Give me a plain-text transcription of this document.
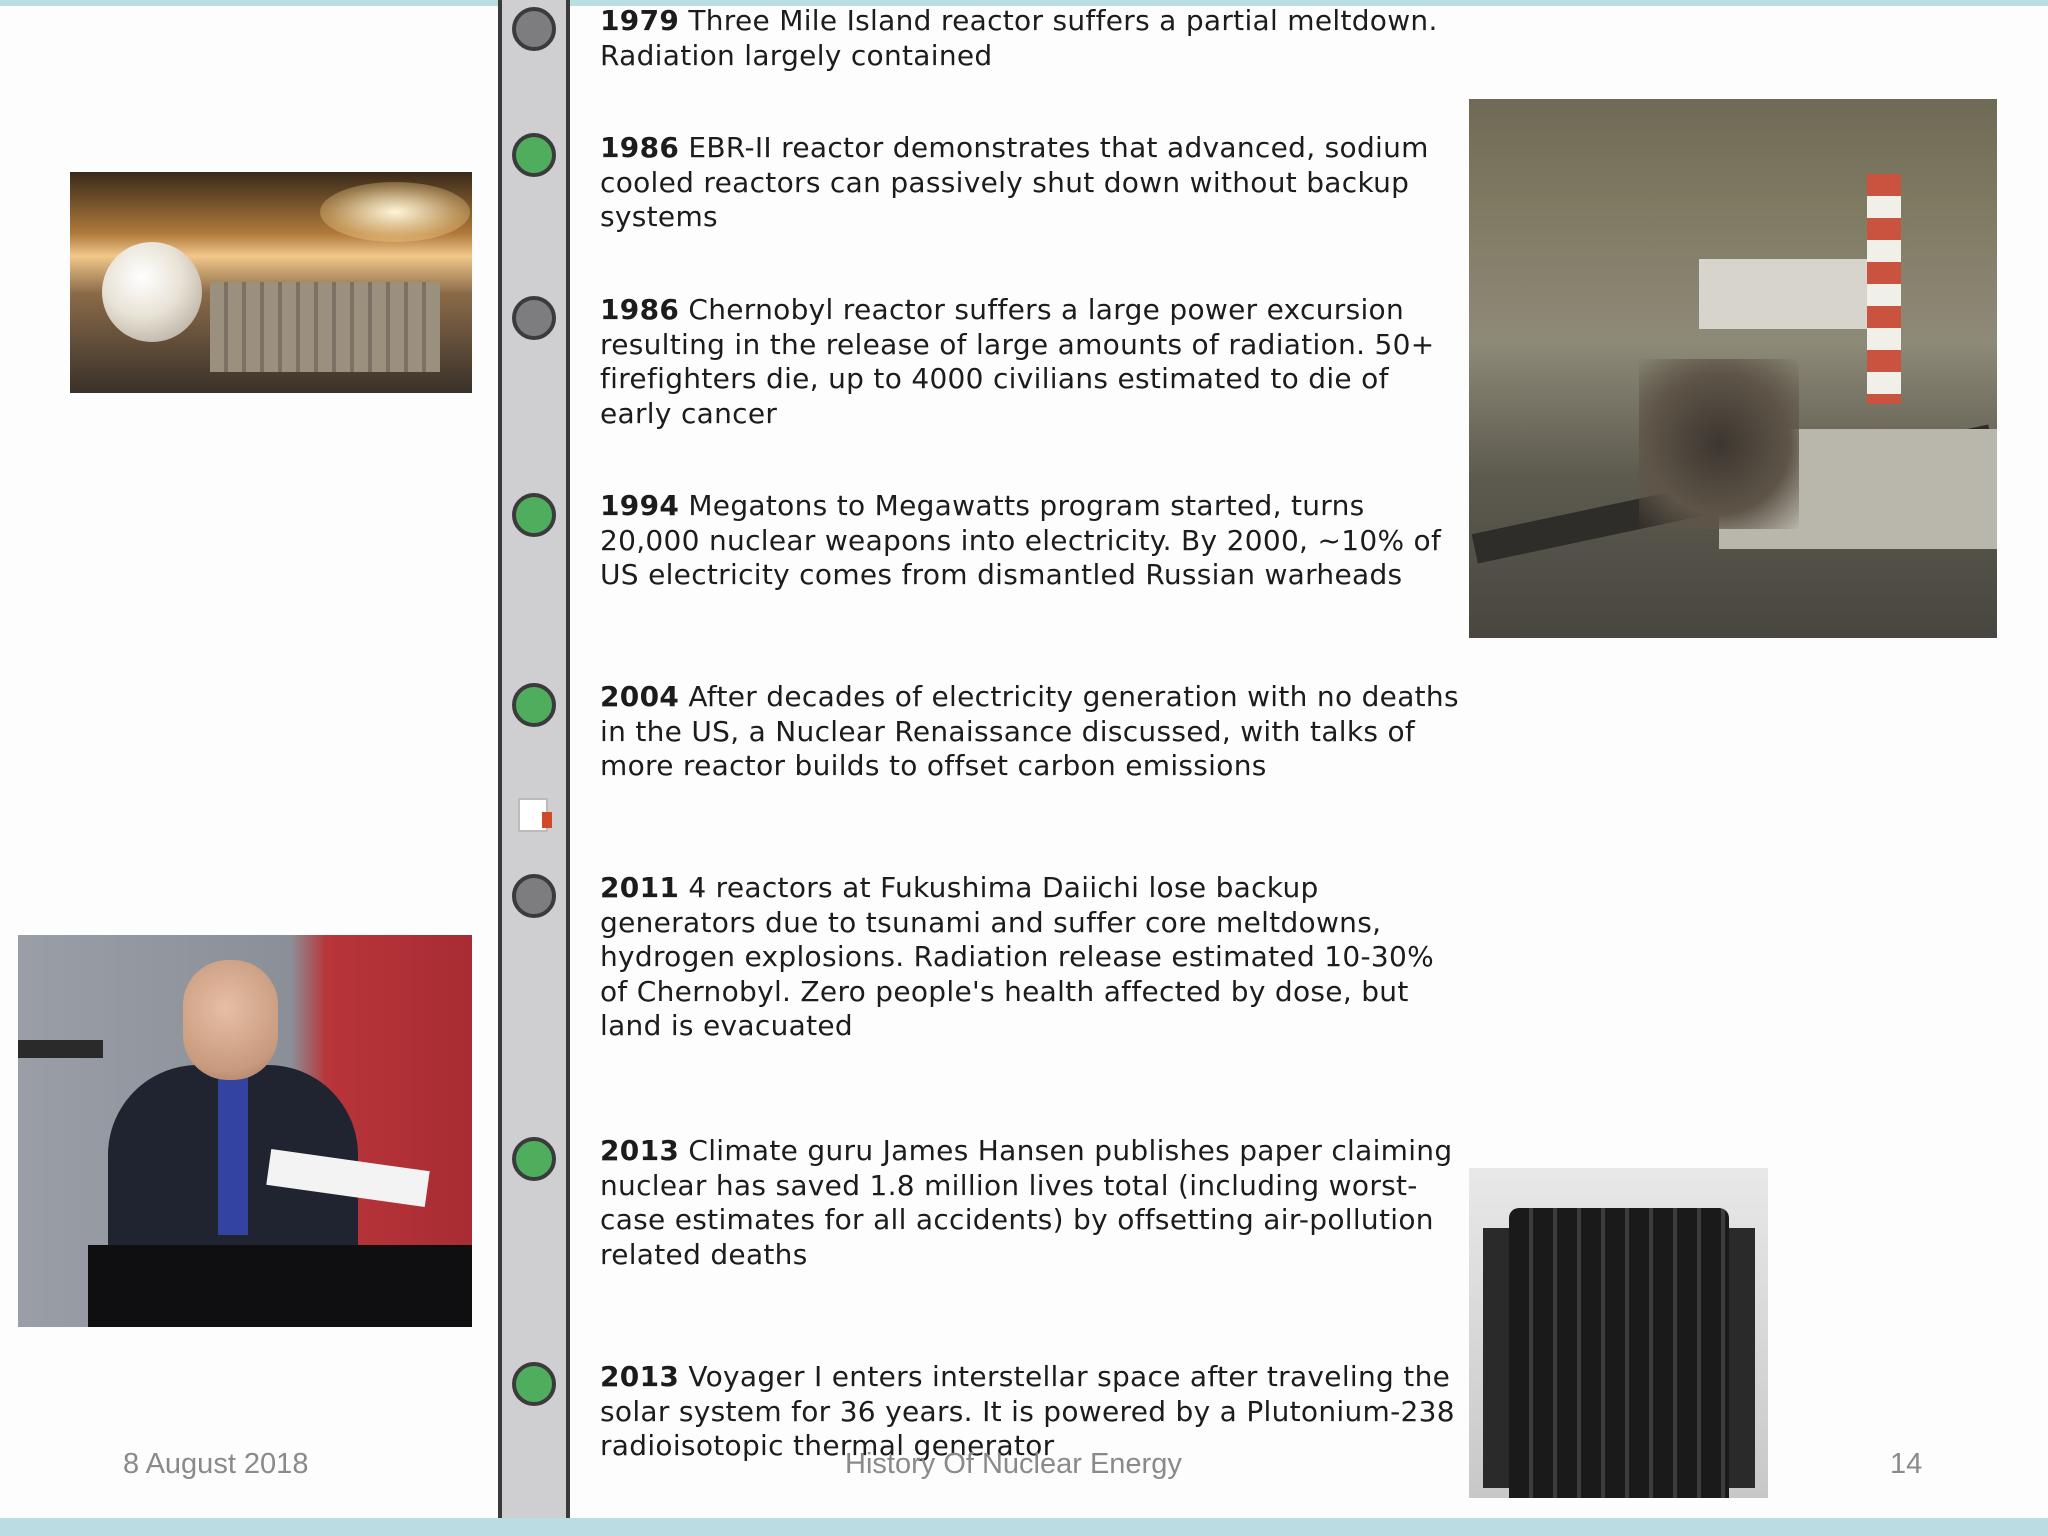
1979 Three Mile Island reactor suffers a partial meltdown. Radiation largely contained
1986 EBR-II reactor demonstrates that advanced, sodium cooled reactors can passively shut down without backup systems
1986 Chernobyl reactor suffers a large power excursion resulting in the release of large amounts of radiation. 50+ firefighters die, up to 4000 civilians estimated to die of early cancer
1994 Megatons to Megawatts program started, turns 20,000 nuclear weapons into electricity. By 2000, ~10% of US electricity comes from dismantled Russian warheads
2004 After decades of electricity generation with no deaths in the US, a Nuclear Renaissance discussed, with talks of more reactor builds to offset carbon emissions
2011 4 reactors at Fukushima Daiichi lose backup generators due to tsunami and suffer core meltdowns, hydrogen explosions. Radiation release estimated 10-30% of Chernobyl. Zero people's health affected by dose, but land is evacuated
2013 Climate guru James Hansen publishes paper claiming nuclear has saved 1.8 million lives total (including worst-case estimates for all accidents) by offsetting air-pollution related deaths
2013 Voyager I enters interstellar space after traveling the solar system for 36 years. It is powered by a Plutonium-238 radioisotopic thermal generator
8 August 2018	History Of Nuclear Energy	14
